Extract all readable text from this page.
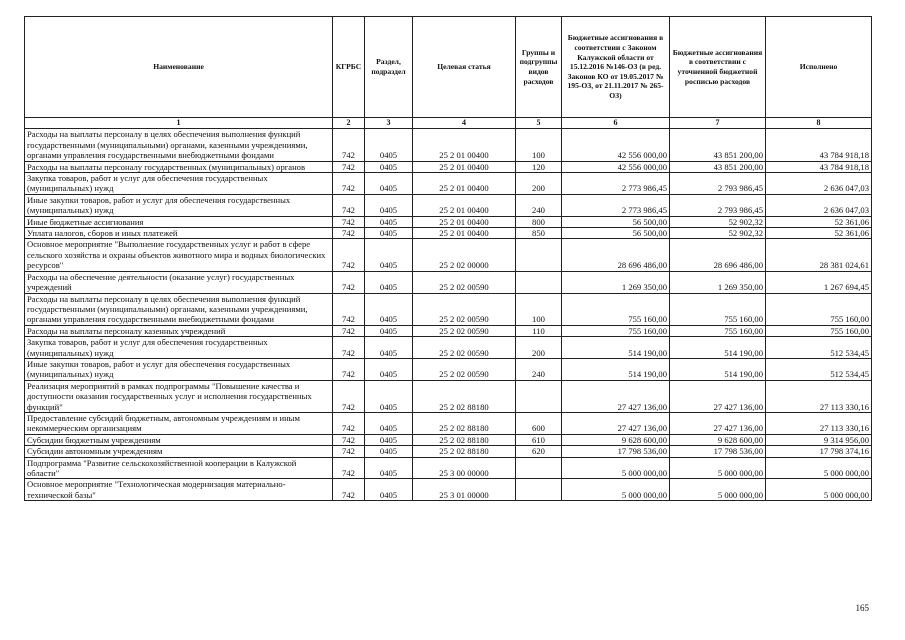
Наименование	КГРБС	Раздел, подраздел	Целевая статья	Группы и подгруппы видов расходов	Бюджетные ассигнования в соответствии с Законом Калужской области от 15.12.2016 №146-ОЗ (в ред. Законов КО от 19.05.2017 № 195-ОЗ, от 21.11.2017 № 265-ОЗ)	Бюджетные ассигнования в соответствии с уточненной бюджетной росписью расходов	Исполнено
1	2	3	4	5	6	7	8
Расходы на выплаты персоналу в целях обеспечения выполнения функций государственными (муниципальными) органами, казенными учреждениями, органами управления государственными внебюджетными фондами	742	0405	25 2 01 00400	100	42 556 000,00	43 851 200,00	43 784 918,18
Расходы на выплаты персоналу государственных (муниципальных) органов	742	0405	25 2 01 00400	120	42 556 000,00	43 851 200,00	43 784 918,18
Закупка товаров, работ и услуг для обеспечения государственных (муниципальных) нужд	742	0405	25 2 01 00400	200	2 773 986,45	2 793 986,45	2 636 047,03
Иные закупки товаров, работ и услуг для обеспечения государственных (муниципальных) нужд	742	0405	25 2 01 00400	240	2 773 986,45	2 793 986,45	2 636 047,03
Иные бюджетные ассигнования	742	0405	25 2 01 00400	800	56 500,00	52 902,32	52 361,06
Уплата налогов, сборов и иных платежей	742	0405	25 2 01 00400	850	56 500,00	52 902,32	52 361,06
Основное мероприятие "Выполнение государственных услуг и работ в сфере сельского хозяйства и охраны объектов животного мира и водных биологических ресурсов"	742	0405	25 2 02 00000		28 696 486,00	28 696 486,00	28 381 024,61
Расходы на обеспечение деятельности (оказание услуг) государственных учреждений	742	0405	25 2 02 00590		1 269 350,00	1 269 350,00	1 267 694,45
Расходы на выплаты персоналу в целях обеспечения выполнения функций государственными (муниципальными) органами, казенными учреждениями, органами управления государственными внебюджетными фондами	742	0405	25 2 02 00590	100	755 160,00	755 160,00	755 160,00
Расходы на выплаты персоналу казенных учреждений	742	0405	25 2 02 00590	110	755 160,00	755 160,00	755 160,00
Закупка товаров, работ и услуг для обеспечения государственных (муниципальных) нужд	742	0405	25 2 02 00590	200	514 190,00	514 190,00	512 534,45
Иные закупки товаров, работ и услуг для обеспечения государственных (муниципальных) нужд	742	0405	25 2 02 00590	240	514 190,00	514 190,00	512 534,45
Реализация мероприятий в рамках подпрограммы "Повышение качества и доступности оказания государственных услуг и исполнения государственных функций"	742	0405	25 2 02 88180		27 427 136,00	27 427 136,00	27 113 330,16
Предоставление субсидий бюджетным, автономным учреждениям и иным некоммерческим организациям	742	0405	25 2 02 88180	600	27 427 136,00	27 427 136,00	27 113 330,16
Субсидии бюджетным учреждениям	742	0405	25 2 02 88180	610	9 628 600,00	9 628 600,00	9 314 956,00
Субсидии автономным учреждениям	742	0405	25 2 02 88180	620	17 798 536,00	17 798 536,00	17 798 374,16
Подпрограмма "Развитие сельскохозяйственной кооперации в Калужской области"	742	0405	25 3 00 00000		5 000 000,00	5 000 000,00	5 000 000,00
Основное мероприятие "Технологическая модернизация материально-технической базы"	742	0405	25 3 01 00000		5 000 000,00	5 000 000,00	5 000 000,00
165
